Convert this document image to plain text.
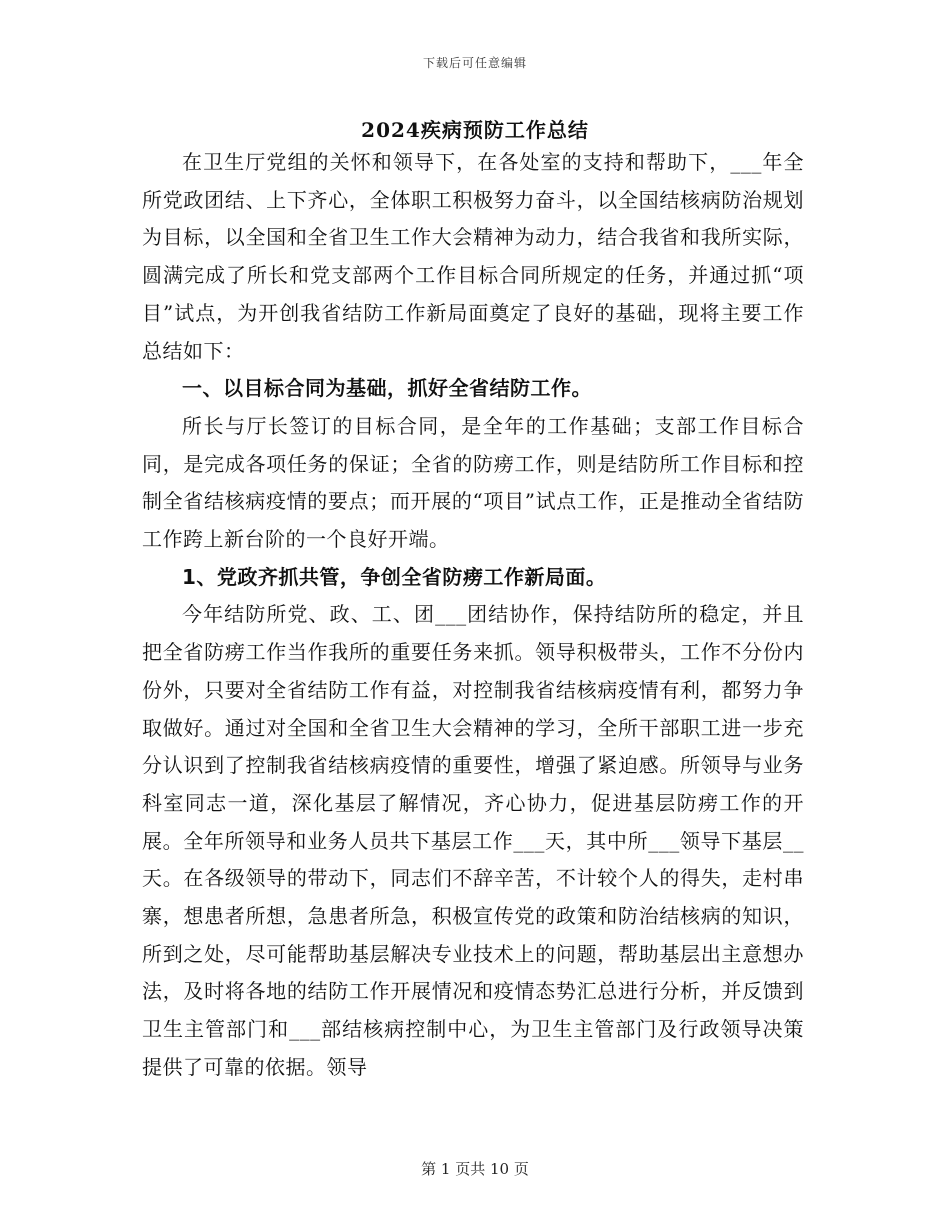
下载后可任意编辑
2024疾病预防工作总结

在卫生厅党组的关怀和领导下，在各处室的支持和帮助下，___年全所党政团结、上下齐心，全体职工积极努力奋斗，以全国结核病防治规划为目标，以全国和全省卫生工作大会精神为动力，结合我省和我所实际，圆满完成了所长和党支部两个工作目标合同所规定的任务，并通过抓“项目”试点，为开创我省结防工作新局面奠定了良好的基础，现将主要工作总结如下：

一、以目标合同为基础，抓好全省结防工作。

所长与厅长签订的目标合同，是全年的工作基础；支部工作目标合同，是完成各项任务的保证；全省的防痨工作，则是结防所工作目标和控制全省结核病疫情的要点；而开展的“项目”试点工作，正是推动全省结防工作跨上新台阶的一个良好开端。

1、党政齐抓共管，争创全省防痨工作新局面。

今年结防所党、政、工、团___团结协作，保持结防所的稳定，并且把全省防痨工作当作我所的重要任务来抓。领导积极带头，工作不分份内份外，只要对全省结防工作有益，对控制我省结核病疫情有利，都努力争取做好。通过对全国和全省卫生大会精神的学习，全所干部职工进一步充分认识到了控制我省结核病疫情的重要性，增强了紧迫感。所领导与业务科室同志一道，深化基层了解情况，齐心协力，促进基层防痨工作的开展。全年所领导和业务人员共下基层工作___天，其中所___领导下基层__天。在各级领导的带动下，同志们不辞辛苦，不计较个人的得失，走村串寨，想患者所想，急患者所急，积极宣传党的政策和防治结核病的知识，所到之处，尽可能帮助基层解决专业技术上的问题，帮助基层出主意想办法，及时将各地的结防工作开展情况和疫情态势汇总进行分析，并反馈到卫生主管部门和___部结核病控制中心，为卫生主管部门及行政领导决策提供了可靠的依据。领导

第 1 页共 10 页
